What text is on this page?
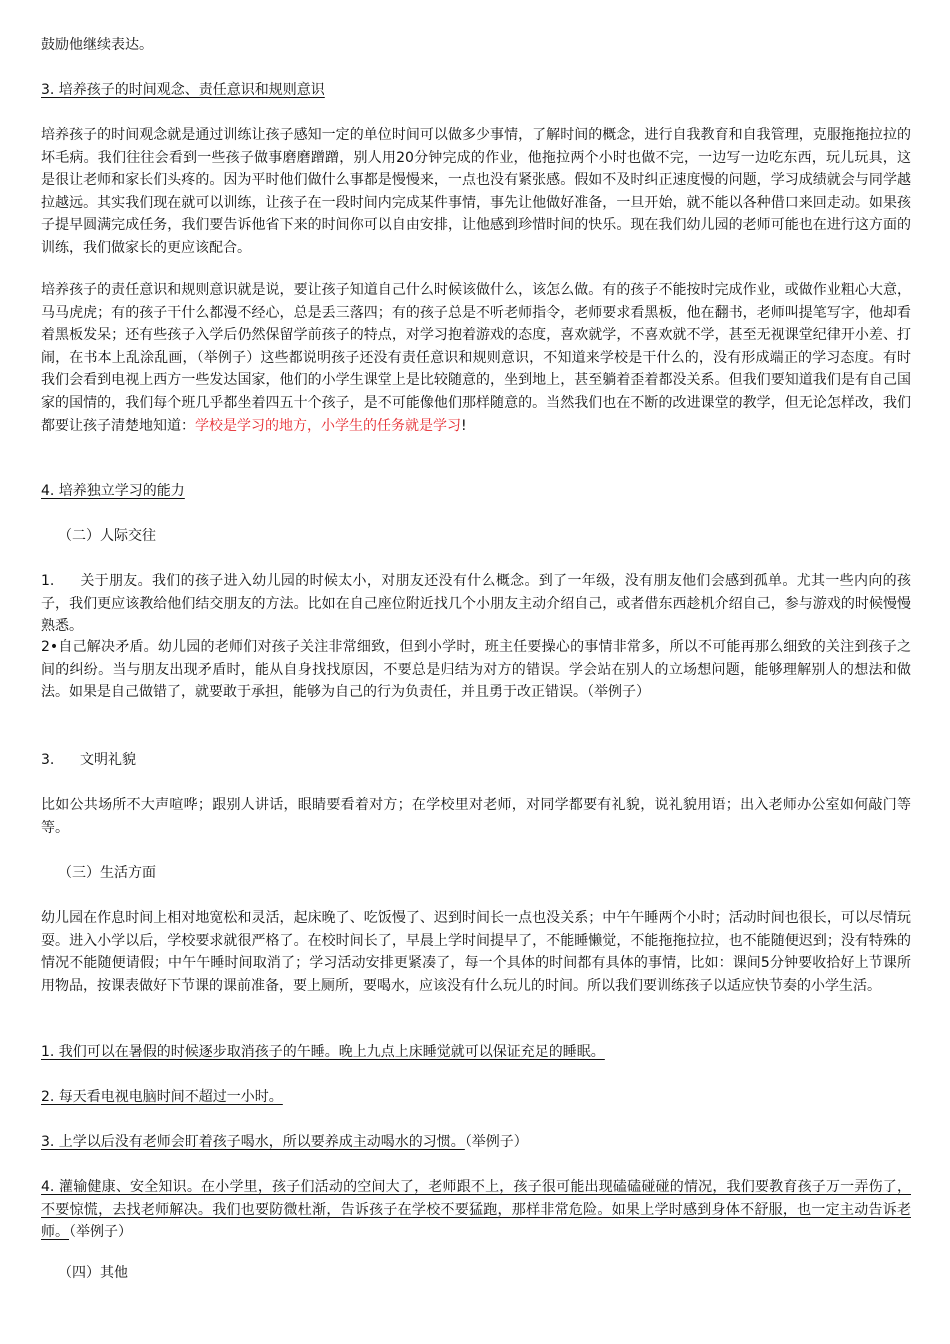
鼓励他继续表达。

3. 培养孩子的时间观念、责任意识和规则意识

培养孩子的时间观念就是通过训练让孩子感知一定的单位时间可以做多少事情，了解时间的概念，进行自我教育和自我管理，克服拖拖拉拉的坏毛病。我们往往会看到一些孩子做事磨磨蹭蹭，别人用20分钟完成的作业，他拖拉两个小时也做不完，一边写一边吃东西，玩儿玩具，这是很让老师和家长们头疼的。因为平时他们做什么事都是慢慢来，一点也没有紧张感。假如不及时纠正速度慢的问题，学习成绩就会与同学越拉越远。其实我们现在就可以训练，让孩子在一段时间内完成某件事情，事先让他做好准备，一旦开始，就不能以各种借口来回走动。如果孩子提早圆满完成任务，我们要告诉他省下来的时间你可以自由安排，让他感到珍惜时间的快乐。现在我们幼儿园的老师可能也在进行这方面的训练，我们做家长的更应该配合。

培养孩子的责任意识和规则意识就是说，要让孩子知道自己什么时候该做什么，该怎么做。有的孩子不能按时完成作业，或做作业粗心大意，马马虎虎；有的孩子干什么都漫不经心，总是丢三落四；有的孩子总是不听老师指令，老师要求看黑板，他在翻书，老师叫提笔写字，他却看着黑板发呆；还有些孩子入学后仍然保留学前孩子的特点，对学习抱着游戏的态度，喜欢就学，不喜欢就不学，甚至无视课堂纪律开小差、打闹，在书本上乱涂乱画，（举例子）这些都说明孩子还没有责任意识和规则意识，不知道来学校是干什么的，没有形成端正的学习态度。有时我们会看到电视上西方一些发达国家，他们的小学生课堂上是比较随意的，坐到地上，甚至躺着歪着都没关系。但我们要知道我们是有自己国家的国情的，我们每个班几乎都坐着四五十个孩子，是不可能像他们那样随意的。当然我们也在不断的改进课堂的教学，但无论怎样改，我们都要让孩子清楚地知道：学校是学习的地方，小学生的任务就是学习!

4. 培养独立学习的能力

（二）人际交往

1. 关于朋友。我们的孩子进入幼儿园的时候太小，对朋友还没有什么概念。到了一年级，没有朋友他们会感到孤单。尤其一些内向的孩子，我们更应该教给他们结交朋友的方法。比如在自己座位附近找几个小朋友主动介绍自己，或者借东西趁机介绍自己，参与游戏的时候慢慢熟悉。

2•自己解决矛盾。幼儿园的老师们对孩子关注非常细致，但到小学时，班主任要操心的事情非常多，所以不可能再那么细致的关注到孩子之间的纠纷。当与朋友出现矛盾时，能从自身找找原因，不要总是归结为对方的错误。学会站在别人的立场想问题，能够理解别人的想法和做法。如果是自己做错了，就要敢于承担，能够为自己的行为负责任，并且勇于改正错误。（举例子）

3. 文明礼貌

比如公共场所不大声喧哗；跟别人讲话，眼睛要看着对方；在学校里对老师，对同学都要有礼貌，说礼貌用语；出入老师办公室如何敲门等等。

（三）生活方面

幼儿园在作息时间上相对地宽松和灵活，起床晚了、吃饭慢了、迟到时间长一点也没关系；中午午睡两个小时；活动时间也很长，可以尽情玩耍。进入小学以后，学校要求就很严格了。在校时间长了，早晨上学时间提早了，不能睡懒觉，不能拖拖拉拉，也不能随便迟到；没有特殊的情况不能随便请假；中午午睡时间取消了；学习活动安排更紧凑了，每一个具体的时间都有具体的事情，比如：课间5分钟要收拾好上节课所用物品，按课表做好下节课的课前准备，要上厕所，要喝水，应该没有什么玩儿的时间。所以我们要训练孩子以适应快节奏的小学生活。

1. 我们可以在暑假的时候逐步取消孩子的午睡。晚上九点上床睡觉就可以保证充足的睡眠。

2. 每天看电视电脑时间不超过一小时。

3. 上学以后没有老师会盯着孩子喝水，所以要养成主动喝水的习惯。（举例子）

4. 灌输健康、安全知识。在小学里，孩子们活动的空间大了，老师跟不上，孩子很可能出现磕磕碰碰的情况，我们要教育孩子万一弄伤了，不要惊慌，去找老师解决。我们也要防微杜渐，告诉孩子在学校不要猛跑，那样非常危险。如果上学时感到身体不舒服，也一定主动告诉老师。（举例子）

（四）其他
